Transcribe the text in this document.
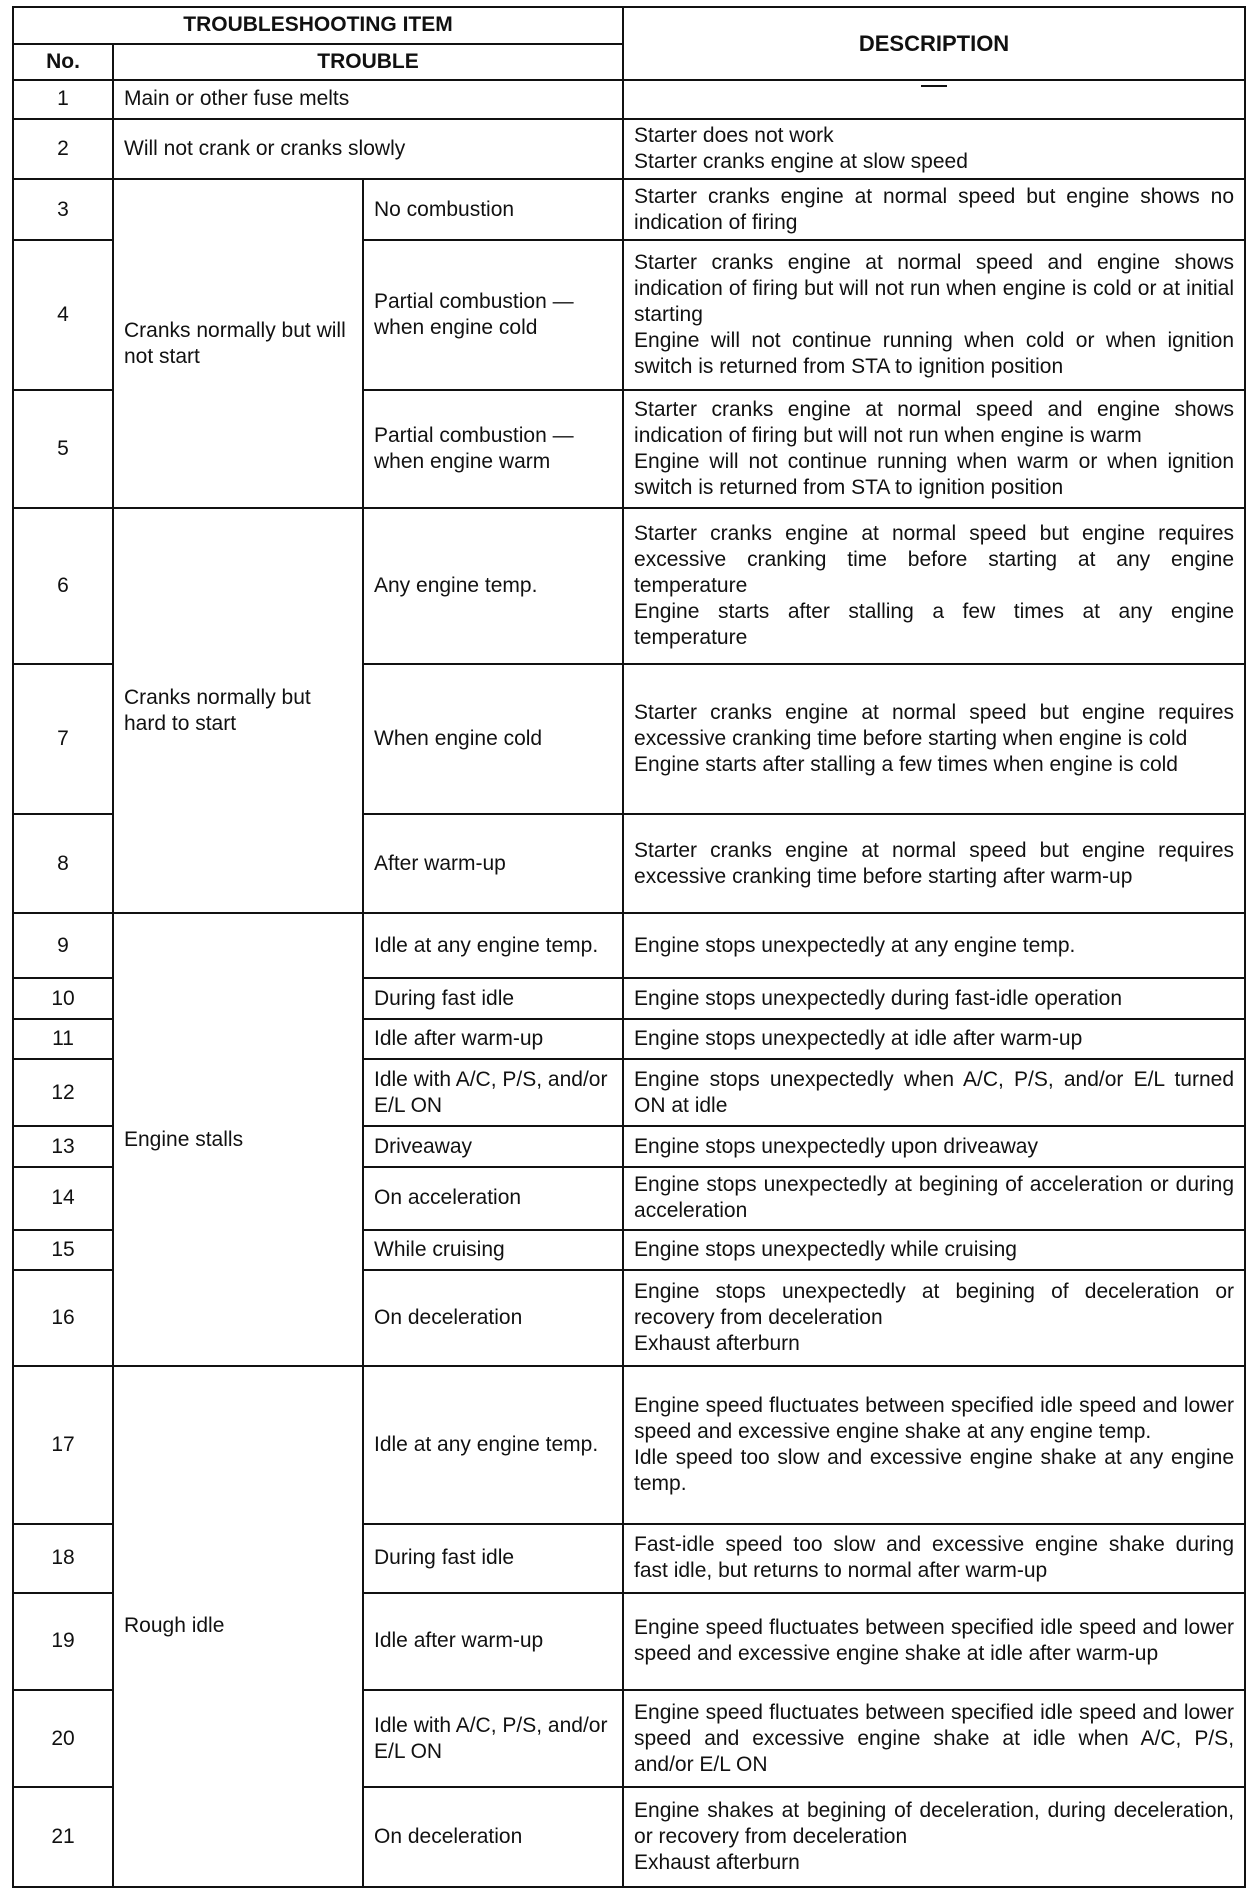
TROUBLESHOOTING ITEM			DESCRIPTION
No.	TROUBLE		
1	Main or other fuse melts	
2	Will not crank or cranks slowly		Starter does not work
Starter cranks engine at slow speed

3	Cranks normally but will not start	No combustion	Starter cranks engine at normal speed but engine shows no indication of firing

4		Partial combustion — when engine cold	Starter cranks engine at normal speed and engine shows indication of firing but will not run when engine is cold or at initial starting
Engine will not continue running when cold or when ignition switch is returned from STA to ignition position

5		Partial combustion — when engine warm	Starter cranks engine at normal speed and engine shows indication of firing but will not run when engine is warm
Engine will not continue running when warm or when ignition switch is returned from STA to ignition position

6	Cranks normally but hard to start	Any engine temp.	Starter cranks engine at normal speed but engine requires excessive cranking time before starting at any engine temperature
Engine starts after stalling a few times at any engine temperature

7		When engine cold	Starter cranks engine at normal speed but engine requires excessive cranking time before starting when engine is cold
Engine starts after stalling a few times when engine is cold

8		After warm-up	Starter cranks engine at normal speed but engine requires excessive cranking time before starting after warm-up

9	Engine stalls	Idle at any engine temp.	Engine stops unexpectedly at any engine temp.

10		During fast idle	Engine stops unexpectedly during fast-idle operation

11		Idle after warm-up	Engine stops unexpectedly at idle after warm-up

12		Idle with A/C, P/S, and/or E/L ON	Engine stops unexpectedly when A/C, P/S, and/or E/L turned ON at idle

13		Driveaway	Engine stops unexpectedly upon driveaway

14		On acceleration	Engine stops unexpectedly at begining of acceleration or during acceleration

15		While cruising	Engine stops unexpectedly while cruising

16		On deceleration	Engine stops unexpectedly at begining of deceleration or recovery from deceleration
Exhaust afterburn

17	Rough idle	Idle at any engine temp.	Engine speed fluctuates between specified idle speed and lower speed and excessive engine shake at any engine temp.
Idle speed too slow and excessive engine shake at any engine temp.

18		During fast idle	Fast-idle speed too slow and excessive engine shake during fast idle, but returns to normal after warm-up

19		Idle after warm-up	Engine speed fluctuates between specified idle speed and lower speed and excessive engine shake at idle after warm-up

20		Idle with A/C, P/S, and/or E/L ON	Engine speed fluctuates between specified idle speed and lower speed and excessive engine shake at idle when A/C, P/S, and/or E/L ON

21		On deceleration	Engine shakes at begining of deceleration, during deceleration, or recovery from deceleration
Exhaust afterburn
